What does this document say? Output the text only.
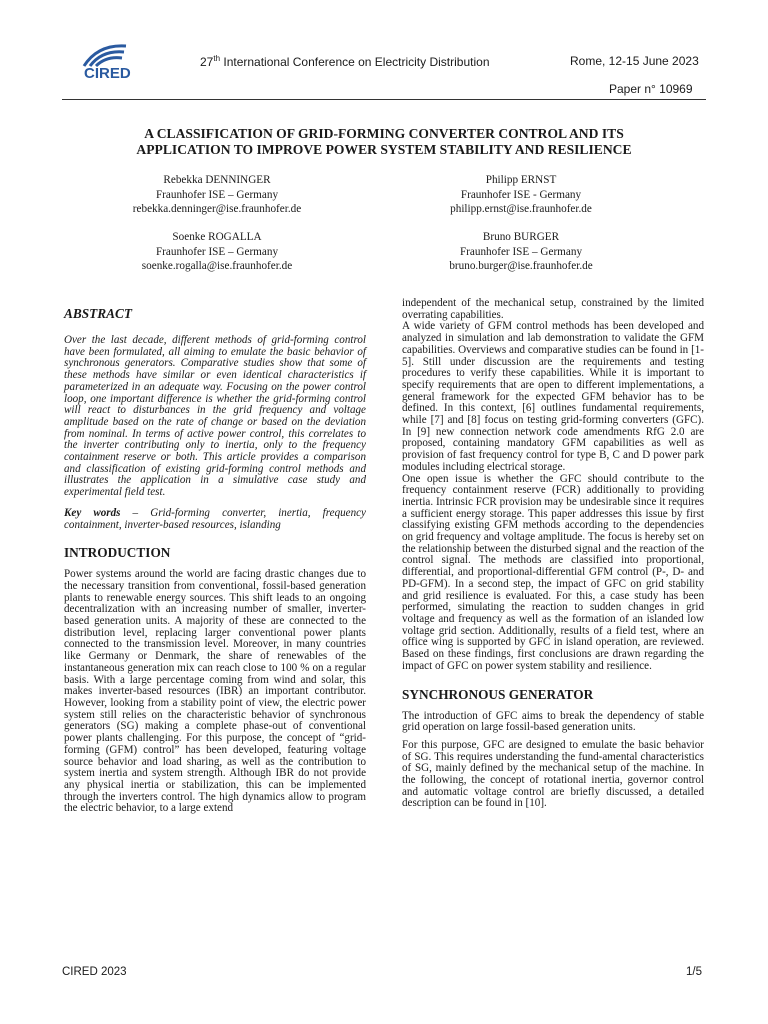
CIRED
27th International Conference on Electricity Distribution	Rome, 12-15 June 2023
Paper n° 10969
A CLASSIFICATION OF GRID-FORMING CONVERTER CONTROL AND ITS
APPLICATION TO IMPROVE POWER SYSTEM STABILITY AND RESILIENCE
Rebekka DENNINGER
Fraunhofer ISE – Germany
rebekka.denninger@ise.fraunhofer.de
Philipp ERNST
Fraunhofer ISE - Germany
philipp.ernst@ise.fraunhofer.de
Soenke ROGALLA
Fraunhofer ISE – Germany
soenke.rogalla@ise.fraunhofer.de
Bruno BURGER
Fraunhofer ISE – Germany
bruno.burger@ise.fraunhofer.de

ABSTRACT

Over the last decade, different methods of grid-forming control have been formulated, all aiming to emulate the basic behavior of synchronous generators. Comparative studies show that some of these methods have similar or even identical characteristics if parameterized in an adequate way. Focusing on the power control loop, one important difference is whether the grid-forming control will react to disturbances in the grid frequency and voltage amplitude based on the rate of change or based on the deviation from nominal. In terms of active power control, this correlates to the inverter contributing only to inertia, only to the frequency containment reserve or both. This article provides a comparison and classification of existing grid-forming control methods and illustrates the application in a simulative case study and experimental field test.

Key words – Grid-forming converter, inertia, frequency containment, inverter-based resources, islanding

INTRODUCTION

Power systems around the world are facing drastic changes due to the necessary transition from conventional, fossil-based generation plants to renewable energy sources. This shift leads to an ongoing decentralization with an increasing number of smaller, inverter-based generation units. A majority of these are connected to the distribution level, replacing larger conventional power plants connected to the transmission level. Moreover, in many countries like Germany or Denmark, the share of renewables of the instantaneous generation mix can reach close to 100 % on a regular basis. With a large percentage coming from wind and solar, this makes inverter-based resources (IBR) an important contributor. However, looking from a stability point of view, the electric power system still relies on the characteristic behavior of synchronous generators (SG) making a complete phase-out of conventional power plants challenging. For this purpose, the concept of “grid-forming (GFM) control” has been developed, featuring voltage source behavior and load sharing, as well as the contribution to system inertia and system strength. Although IBR do not provide any physical inertia or stabilization, this can be implemented through the inverters control. The high dynamics allow to program the electric behavior, to a large extend

independent of the mechanical setup, constrained by the limited overrating capabilities.

A wide variety of GFM control methods has been developed and analyzed in simulation and lab demonstration to validate the GFM capabilities. Overviews and comparative studies can be found in [1-5]. Still under discussion are the requirements and testing procedures to verify these capabilities. While it is important to specify requirements that are open to different implementations, a general framework for the expected GFM behavior has to be defined. In this context, [6] outlines fundamental requirements, while [7] and [8] focus on testing grid-forming converters (GFC). In [9] new connection network code amendments RfG 2.0 are proposed, containing mandatory GFM capabilities as well as provision of fast frequency control for type B, C and D power park modules including electrical storage.

One open issue is whether the GFC should contribute to the frequency containment reserve (FCR) additionally to providing inertia. Intrinsic FCR provision may be undesirable since it requires a sufficient energy storage. This paper addresses this issue by first classifying existing GFM methods according to the dependencies on grid frequency and voltage amplitude. The focus is hereby set on the relationship between the disturbed signal and the reaction of the control signal. The methods are classified into proportional, differential, and proportional-differential GFM control (P-, D- and PD-GFM). In a second step, the impact of GFC on grid stability and grid resilience is evaluated. For this, a case study has been performed, simulating the reaction to sudden changes in grid voltage and frequency as well as the formation of an islanded low voltage grid section. Additionally, results of a field test, where an office wing is supported by GFC in island operation, are reviewed. Based on these findings, first conclusions are drawn regarding the impact of GFC on power system stability and resilience.

SYNCHRONOUS GENERATOR

The introduction of GFC aims to break the dependency of stable grid operation on large fossil-based generation units.

For this purpose, GFC are designed to emulate the basic behavior of SG. This requires understanding the fund-amental characteristics of SG, mainly defined by the mechanical setup of the machine. In the following, the concept of rotational inertia, governor control and automatic voltage control are briefly discussed, a detailed description can be found in [10].

CIRED 2023	1/5
